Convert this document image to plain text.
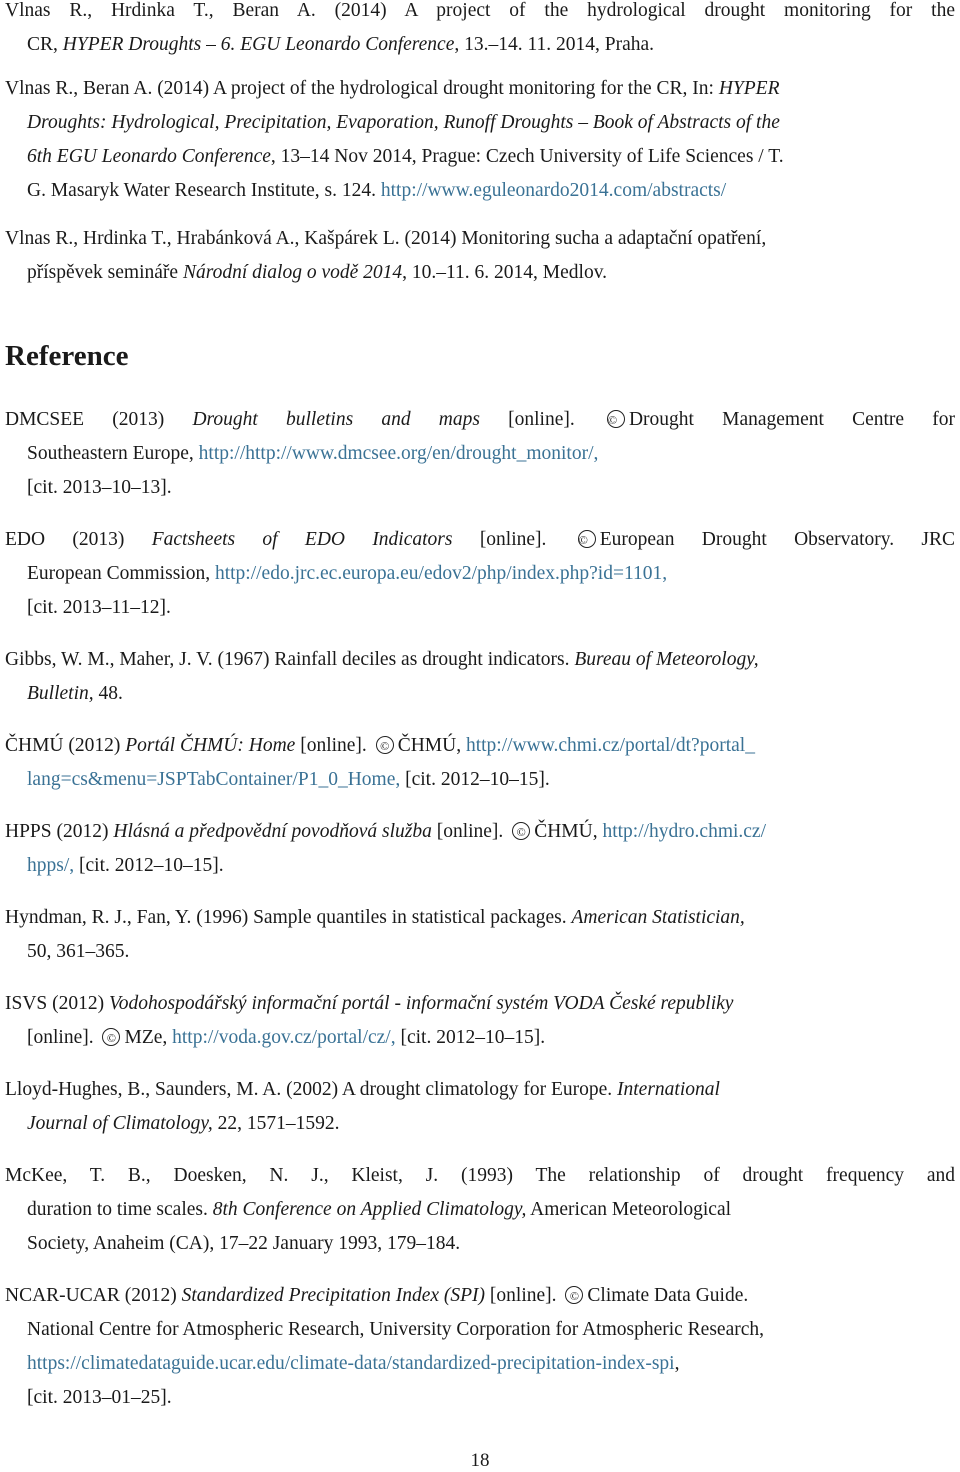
Vlnas R., Hrdinka T., Beran A. (2014) A project of the hydrological drought monitoring for the
CR, HYPER Droughts – 6. EGU Leonardo Conference, 13.–14. 11. 2014, Praha.
Vlnas R., Beran A. (2014) A project of the hydrological drought monitoring for the CR, In: HYPER
Droughts: Hydrological, Precipitation, Evaporation, Runoff Droughts – Book of Abstracts of the
6th EGU Leonardo Conference, 13–14 Nov 2014, Prague: Czech University of Life Sciences / T.
G. Masaryk Water Research Institute, s. 124. http://www.eguleonardo2014.com/abstracts/
Vlnas R., Hrdinka T., Hrabánková A., Kašpárek L. (2014) Monitoring sucha a adaptační opatření,
příspěvek semináře Národní dialog o vodě 2014, 10.–11. 6. 2014, Medlov.
Reference
DMCSEE (2013) Drought bulletins and maps [online].	© Drought Management Centre for
Southeastern Europe, http://http://www.dmcsee.org/en/drought_monitor/,
[cit. 2013–10–13].
EDO (2013) Factsheets of EDO Indicators [online].	© European Drought Observatory. JRC
European Commission, http://edo.jrc.ec.europa.eu/edov2/php/index.php?id=1101,
[cit. 2013–11–12].
Gibbs, W. M., Maher, J. V. (1967) Rainfall deciles as drought indicators. Bureau of Meteorology,
Bulletin, 48.
ČHMÚ (2012) Portál ČHMÚ: Home [online]. © ČHMÚ, http://www.chmi.cz/portal/dt?portal_
lang=cs&menu=JSPTabContainer/P1_0_Home, [cit. 2012–10–15].
HPPS (2012) Hlásná a předpovědní povodňová služba [online]. © ČHMÚ, http://hydro.chmi.cz/
hpps/, [cit. 2012–10–15].
Hyndman, R. J., Fan, Y. (1996) Sample quantiles in statistical packages. American Statistician,
50, 361–365.
ISVS (2012) Vodohospodářský informační portál - informační systém VODA České republiky
[online]. © MZe, http://voda.gov.cz/portal/cz/, [cit. 2012–10–15].
Lloyd-Hughes, B., Saunders, M. A. (2002) A drought climatology for Europe. International
Journal of Climatology, 22, 1571–1592.
McKee, T. B., Doesken, N. J., Kleist, J. (1993) The relationship of drought frequency and
duration to time scales. 8th Conference on Applied Climatology, American Meteorological
Society, Anaheim (CA), 17–22 January 1993, 179–184.
NCAR-UCAR (2012) Standardized Precipitation Index (SPI) [online]. © Climate Data Guide.
National Centre for Atmospheric Research, University Corporation for Atmospheric Research,
https://climatedataguide.ucar.edu/climate-data/standardized-precipitation-index-spi,
[cit. 2013–01–25].
18
